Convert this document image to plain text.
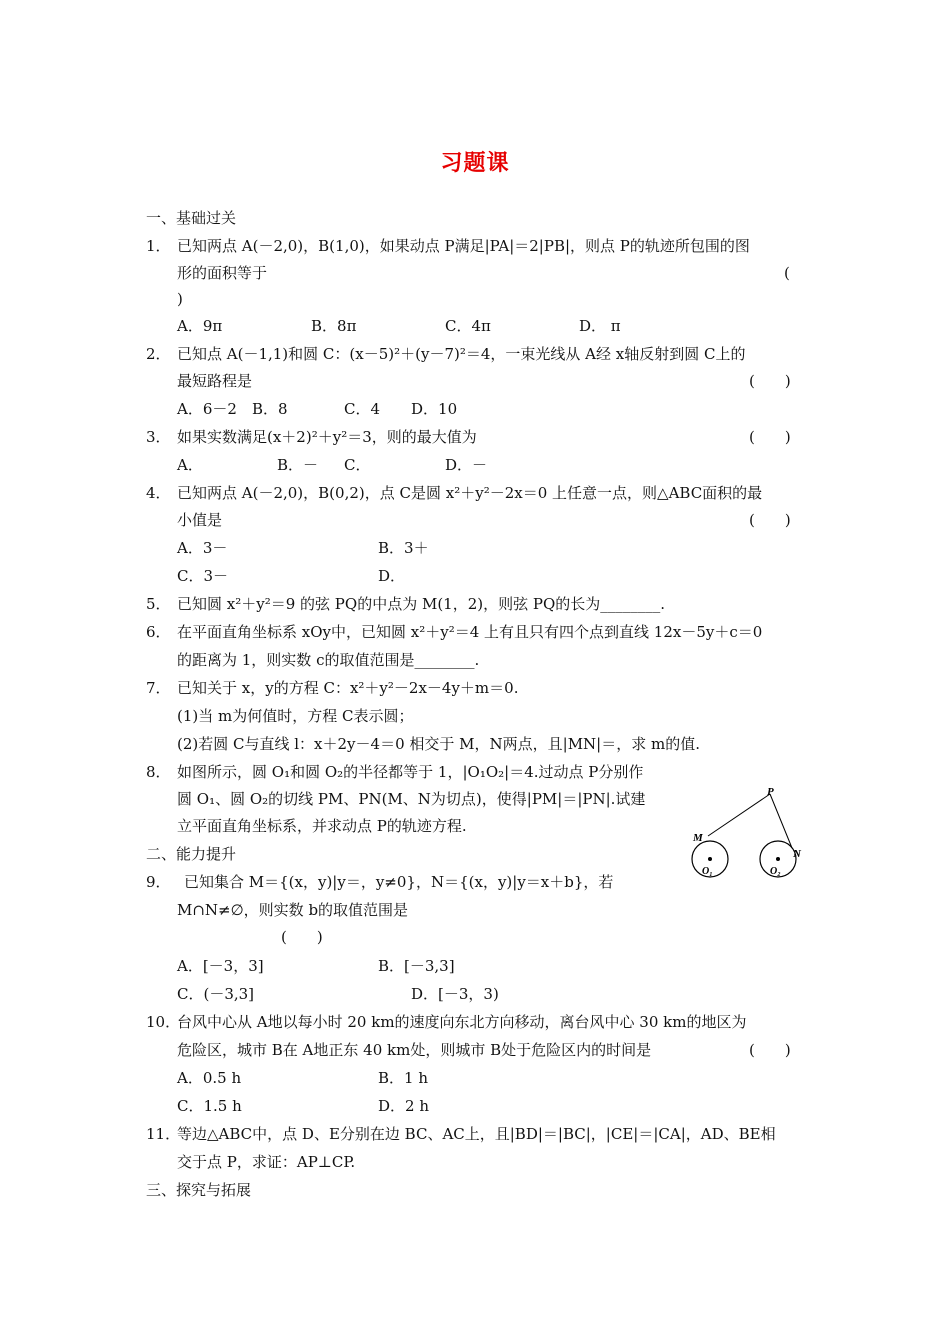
习题课
一、基础过关
1． 已知两点 A(－2,0)，B(1,0)，如果动点 P满足|PA|＝2|PB|，则点 P的轨迹所包围的图
形的面积等于	(
)
A．9π	B．8π	C．4π	D． π
2． 已知点 A(－1,1)和圆 C：(x－5)²＋(y－7)²＝4，一束光线从 A经 x轴反射到圆 C上的
最短路程是	(　　)
A．6－2 B．8	C．4 D．10
3． 如果实数满足(x＋2)²＋y²＝3，则的最大值为	(　　)
A．	B．－ C．	D．－
4． 已知两点 A(－2,0)，B(0,2)，点 C是圆 x²＋y²－2x＝0 上任意一点，则△ABC面积的最
小值是	(　　)
A．3－	B．3＋
C．3－	D．
5． 已知圆 x²＋y²＝9 的弦 PQ的中点为 M(1，2)，则弦 PQ的长为________.
6． 在平面直角坐标系 xOy中，已知圆 x²＋y²＝4 上有且只有四个点到直线 12x－5y＋c＝0
的距离为 1，则实数 c的取值范围是________.
7． 已知关于 x，y的方程 C：x²＋y²－2x－4y＋m＝0.
(1)当 m为何值时，方程 C表示圆；
(2)若圆 C与直线 l：x＋2y－4＝0 相交于 M，N两点，且|MN|＝，求 m的值.
8． 如图所示，圆 O₁和圆 O₂的半径都等于 1，|O₁O₂|＝4.过动点 P分别作
圆 O₁、圆 O₂的切线 PM、PN(M、N为切点)，使得|PM|＝|PN|.试建
立平面直角坐标系，并求动点 P的轨迹方程.
P
M
N
O₁	O₂
二、能力提升
9． 已知集合 M＝{(x，y)|y＝，y≠0}，N＝{(x，y)|y＝x＋b}，若
M∩N≠∅，则实数 b的取值范围是
(　　)
A．[－3，3]	B．[－3,3]
C．(－3,3]	D．[－3，3)
10．
台风中心从 A地以每小时 20 km的速度向东北方向移动，离台风中心 30 km的地区为
危险区，城市 B在 A地正东 40 km处，则城市 B处于危险区内的时间是	(　　)
A．0.5 h	B．1 h
C．1.5 h	D．2 h
11．
等边△ABC中，点 D、E分别在边 BC、AC上，且|BD|＝|BC|，|CE|＝|CA|，AD、BE相
交于点 P，求证：AP⊥CP.
三、探究与拓展
